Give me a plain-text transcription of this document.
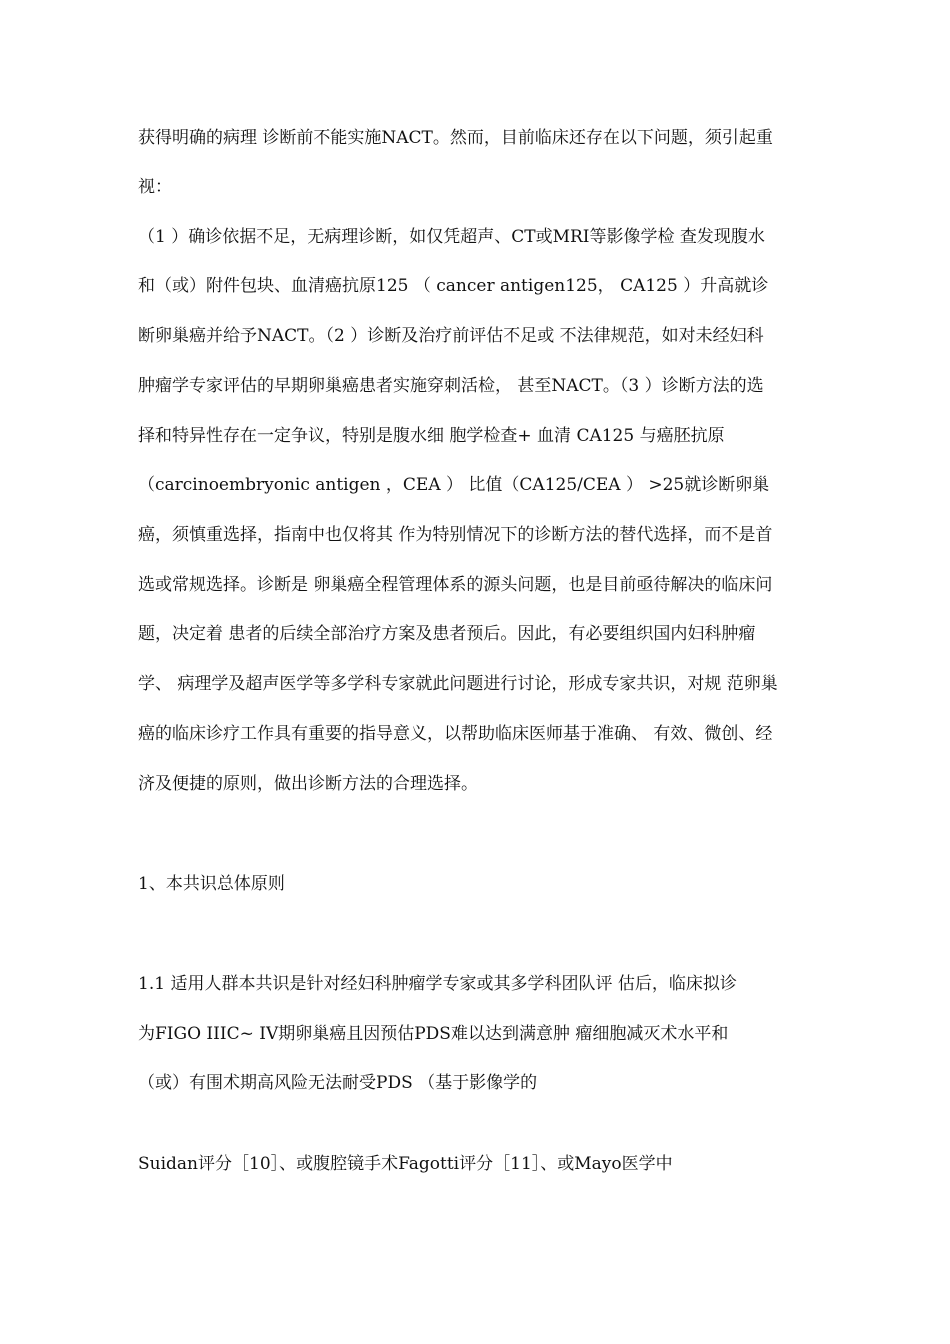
获得明确的病理 诊断前不能实施NACT。然而，目前临床还存在以下问题，须引起重
视：
（1 ）确诊依据不足，无病理诊断，如仅凭超声、CT或MRI等影像学检 查发现腹水
和（或）附件包块、血清癌抗原125 （ cancer antigen125， CA125 ）升高就诊
断卵巢癌并给予NACT。（2 ）诊断及治疗前评估不足或 不法律规范，如对未经妇科
肿瘤学专家评估的早期卵巢癌患者实施穿刺活检， 甚至NACT。（3 ）诊断方法的选
择和特异性存在一定争议，特别是腹水细 胞学检查+ 血清 CA125 与癌胚抗原
（carcinoembryonic antigen ，CEA ） 比值（CA125/CEA ） >25就诊断卵巢
癌，须慎重选择，指南中也仅将其 作为特别情况下的诊断方法的替代选择，而不是首
选或常规选择。诊断是 卵巢癌全程管理体系的源头问题，也是目前亟待解决的临床问
题，决定着 患者的后续全部治疗方案及患者预后。因此，有必要组织国内妇科肿瘤
学、 病理学及超声医学等多学科专家就此问题进行讨论，形成专家共识，对规 范卵巢
癌的临床诊疗工作具有重要的指导意义，以帮助临床医师基于准确、 有效、微创、经
济及便捷的原则，做出诊断方法的合理选择。
1、本共识总体原则
1.1 适用人群本共识是针对经妇科肿瘤学专家或其多学科团队评 估后，临床拟诊
为FIGO IIIC~ IV期卵巢癌且因预估PDS难以达到满意肿 瘤细胞减灭术水平和
（或）有围术期高风险无法耐受PDS （基于影像学的
Suidan评分［10］、或腹腔镜手术Fagotti评分［11］、或Mayo医学中
